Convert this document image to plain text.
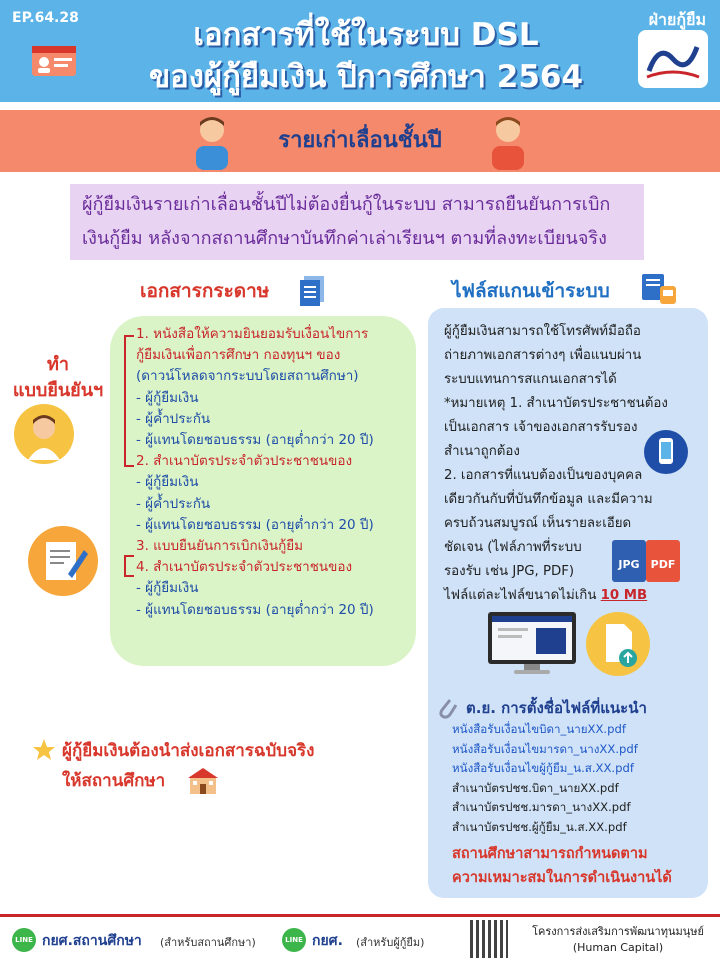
EP.64.28	เอกสารที่ใช้ในระบบ DSL
ของผู้กู้ยืมเงิน ปีการศึกษา 2564
ฝ่ายกู้ยืม
รายเก่าเลื่อนชั้นปี
ผู้กู้ยืมเงินรายเก่าเลื่อนชั้นปีไม่ต้องยื่นกู้ในระบบ สามารถยืนยันการเบิก
เงินกู้ยืม หลังจากสถานศึกษาบันทึกค่าเล่าเรียนฯ ตามที่ลงทะเบียนจริง
เอกสารกระดาษ	ไฟล์สแกนเข้าระบบ
ทำ
แบบยืนยันฯ
1. หนังสือให้ความยินยอมรับเงื่อนไขการ
กู้ยืมเงินเพื่อการศึกษา กองทุนฯ ของ
(ดาวน์โหลดจากระบบโดยสถานศึกษา)
- ผู้กู้ยืมเงิน
- ผู้ค้ำประกัน
- ผู้แทนโดยชอบธรรม (อายุต่ำกว่า 20 ปี)
2. สำเนาบัตรประจำตัวประชาชนของ
- ผู้กู้ยืมเงิน
- ผู้ค้ำประกัน
- ผู้แทนโดยชอบธรรม (อายุต่ำกว่า 20 ปี)
3. แบบยืนยันการเบิกเงินกู้ยืม
4. สำเนาบัตรประจำตัวประชาชนของ
- ผู้กู้ยืมเงิน
- ผู้แทนโดยชอบธรรม (อายุต่ำกว่า 20 ปี)
ผู้กู้ยืมเงินต้องนำส่งเอกสารฉบับจริง
ให้สถานศึกษา
ผู้กู้ยืมเงินสามารถใช้โทรศัพท์มือถือ
ถ่ายภาพเอกสารต่างๆ เพื่อแนบผ่าน
ระบบแทนการสแกนเอกสารได้
*หมายเหตุ 1. สำเนาบัตรประชาชนต้อง
เป็นเอกสาร เจ้าของเอกสารรับรอง
สำเนาถูกต้อง
2. เอกสารที่แนบต้องเป็นของบุคคล
เดียวกันกับที่บันทึกข้อมูล และมีความ
ครบถ้วนสมบูรณ์ เห็นรายละเอียด
ชัดเจน (ไฟล์ภาพที่ระบบ
รองรับ เช่น JPG, PDF)
ไฟล์แต่ละไฟล์ขนาดไม่เกิน 10 MB
JPG	PDF
ต.ย. การตั้งชื่อไฟล์ที่แนะนำ
หนังสือรับเงื่อนไขบิดา_นายXX.pdf
หนังสือรับเงื่อนไขมารดา_นางXX.pdf
หนังสือรับเงื่อนไขผู้กู้ยืม_น.ส.XX.pdf
สำเนาบัตรปชช.บิดา_นายXX.pdf
สำเนาบัตรปชช.มารดา_นางXX.pdf
สำเนาบัตรปชช.ผู้กู้ยืม_น.ส.XX.pdf
สถานศึกษาสามารถกำหนดตาม
ความเหมาะสมในการดำเนินงานได้
LINE กยศ.สถานศึกษา (สำหรับสถานศึกษา)	LINE กยศ. (สำหรับผู้กู้ยืม)
โครงการส่งเสริมการพัฒนาทุนมนุษย์
(Human Capital)
